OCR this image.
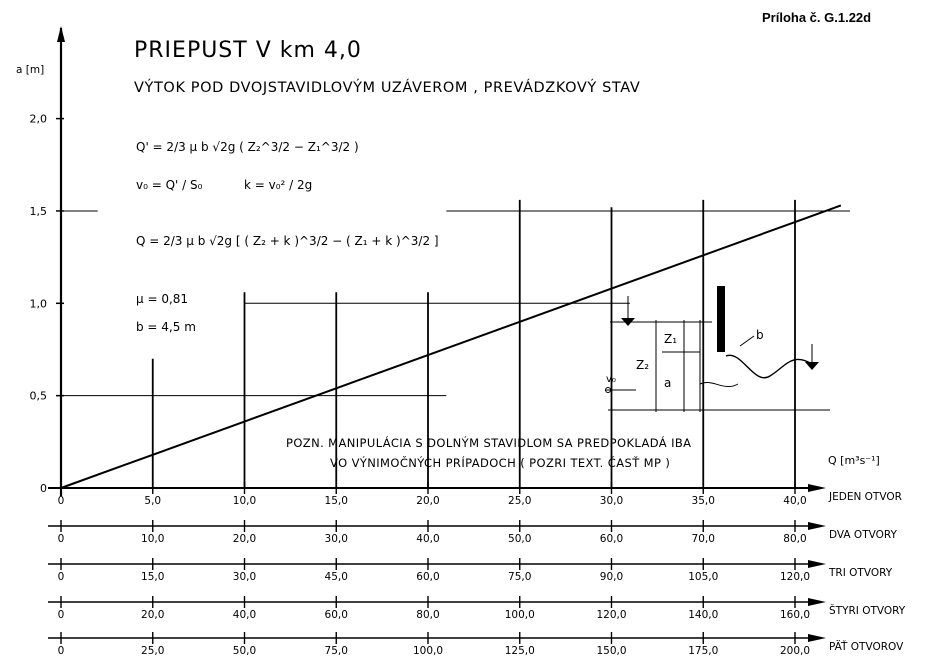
0
0,5
1,0
1,5
2,0
0	5,0	10,0	15,0	20,0	25,0	30,0	35,0	40,0 JEDEN OTVOR
0	10,0	20,0	30,0	40,0	50,0	60,0	70,0	80,0 DVA OTVORY
0	15,0	30,0	45,0	60,0	75,0	90,0	105,0	120,0 TRI OTVORY
0	20,0	40,0	60,0	80,0	100,0	120,0	140,0	160,0 ŠTYRI OTVORY
0	25,0	50,0	75,0	100,0	125,0	150,0	175,0	200,0 PÄŤ OTVOROV
Príloha č. G.1.22d
PRIEPUST V km 4,0
VÝTOK POD DVOJSTAVIDLOVÝM UZÁVEROM , PREVÁDZKOVÝ STAV
Q' = 2/3 μ b √2g ( Z₂^3/2 − Z₁^3/2 )
v₀ = Q' / S₀	k = v₀² / 2g
Q = 2/3 μ b √2g [ ( Z₂ + k )^3/2 − ( Z₁ + k )^3/2 ]
μ = 0,81
b = 4,5 m
POZN. MANIPULÁCIA S DOLNÝM STAVIDLOM SA PREDPOKLADÁ IBA
VO VÝNIMOČNÝCH PRÍPADOCH ( POZRI TEXT. ČASŤ MP )
a [m]
Q [m³s⁻¹]
Z₁
Z₂
a
b
v₀
